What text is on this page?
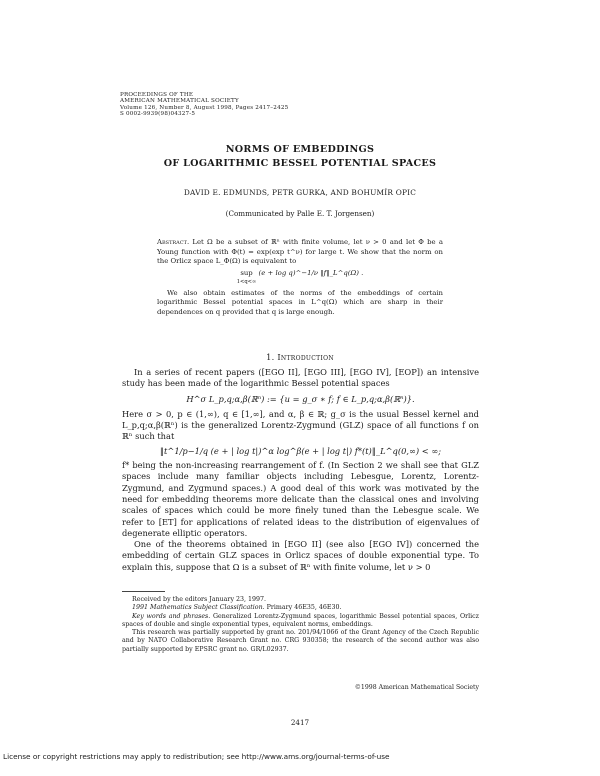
PROCEEDINGS OF THE
AMERICAN MATHEMATICAL SOCIETY
Volume 126, Number 8, August 1998, Pages 2417–2425
S 0002-9939(98)04327-5
NORMS OF EMBEDDINGS
OF LOGARITHMIC BESSEL POTENTIAL SPACES
DAVID E. EDMUNDS, PETR GURKA, AND BOHUMÍR OPIC
(Communicated by Palle E. T. Jorgensen)

Abstract. Let Ω be a subset of ℝⁿ with finite volume, let ν > 0 and let Φ be a Young function with Φ(t) = exp(exp t^ν) for large t. We show that the norm on the Orlicz space L_Φ(Ω) is equivalent to

sup
1<q<∞ (e + log q)^−1/ν ‖f‖_L^q(Ω) .

We also obtain estimates of the norms of the embeddings of certain logarithmic Bessel potential spaces in L^q(Ω) which are sharp in their dependences on q provided that q is large enough.

1. Introduction

In a series of recent papers ([EGO II], [EGO III], [EGO IV], [EOP]) an intensive study has been made of the logarithmic Bessel potential spaces

H^σ L_p,q;α,β(ℝⁿ) := {u = g_σ ∗ f; f ∈ L_p,q;α,β(ℝⁿ)}.

Here σ > 0, p ∈ (1,∞), q ∈ [1,∞], and α, β ∈ ℝ; g_σ is the usual Bessel kernel and L_p,q;α,β(ℝⁿ) is the generalized Lorentz-Zygmund (GLZ) space of all functions f on ℝⁿ such that

‖t^1/p−1/q (e + | log t|)^α log^β(e + | log t|) f*(t)‖_L^q(0,∞) < ∞;

f* being the non-increasing rearrangement of f. (In Section 2 we shall see that GLZ spaces include many familiar objects including Lebesgue, Lorentz, Lorentz-Zygmund, and Zygmund spaces.) A good deal of this work was motivated by the need for embedding theorems more delicate than the classical ones and involving scales of spaces which could be more finely tuned than the Lebesgue scale. We refer to [ET] for applications of related ideas to the distribution of eigenvalues of degenerate elliptic operators.

One of the theorems obtained in [EGO II] (see also [EGO IV]) concerned the embedding of certain GLZ spaces in Orlicz spaces of double exponential type. To explain this, suppose that Ω is a subset of ℝⁿ with finite volume, let ν > 0

Received by the editors January 23, 1997.

1991 Mathematics Subject Classification. Primary 46E35, 46E30.

Key words and phrases. Generalized Lorentz-Zygmund spaces, logarithmic Bessel potential spaces, Orlicz spaces of double and single exponential types, equivalent norms, embeddings.

This research was partially supported by grant no. 201/94/1066 of the Grant Agency of the Czech Republic and by NATO Collaborative Research Grant no. CRG 930358; the research of the second author was also partially supported by EPSRC grant no. GR/L02937.

©1998 American Mathematical Society
2417
License or copyright restrictions may apply to redistribution; see http://www.ams.org/journal-terms-of-use
